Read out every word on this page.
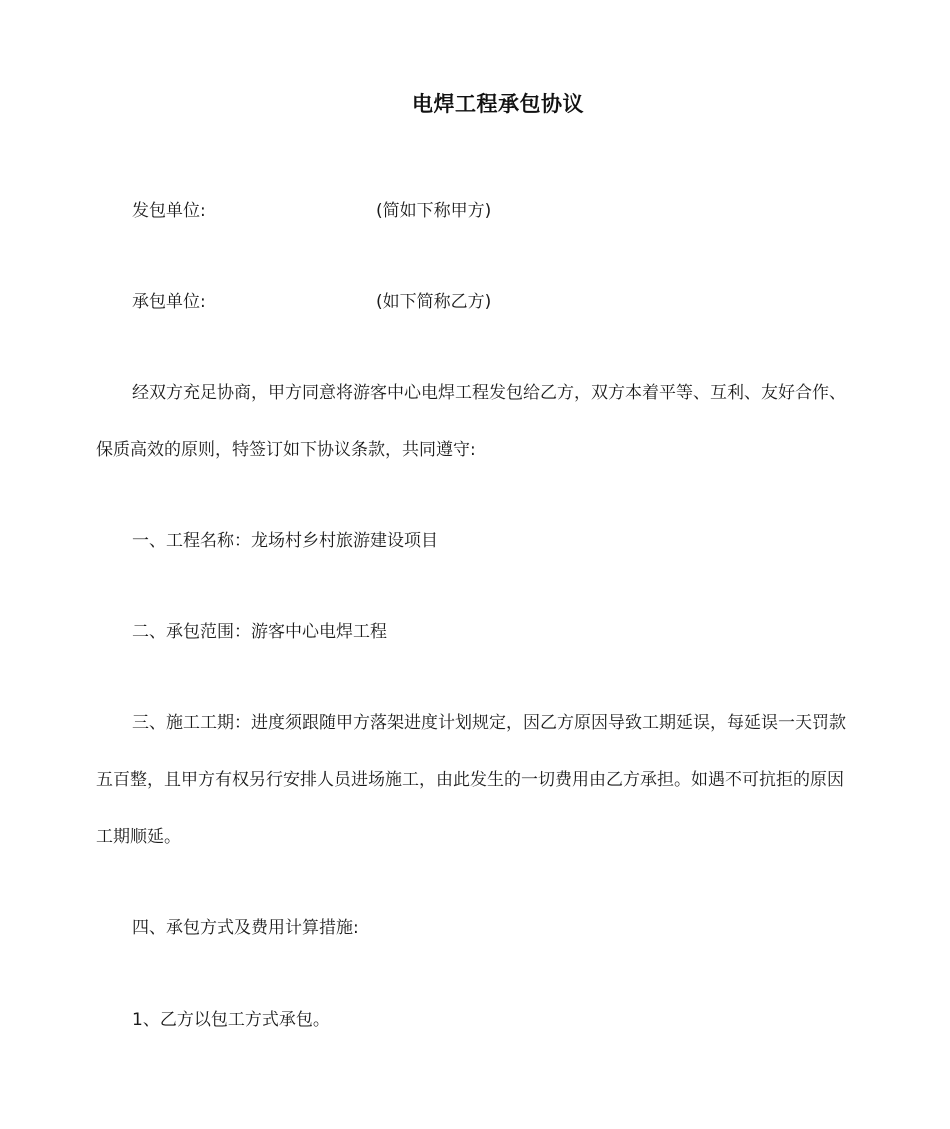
电焊工程承包协议
发包单位:	(简如下称甲方)
承包单位:	(如下简称乙方)
经双方充足协商，甲方同意将游客中心电焊工程发包给乙方，双方本着平等、互利、友好合作、
保质高效的原则，特签订如下协议条款，共同遵守:
一、工程名称：龙场村乡村旅游建设项目
二、承包范围：游客中心电焊工程
三、施工工期：进度须跟随甲方落架进度计划规定，因乙方原因导致工期延误，每延误一天罚款
五百整，且甲方有权另行安排人员进场施工，由此发生的一切费用由乙方承担。如遇不可抗拒的原因
工期顺延。
四、承包方式及费用计算措施:
1、乙方以包工方式承包。
